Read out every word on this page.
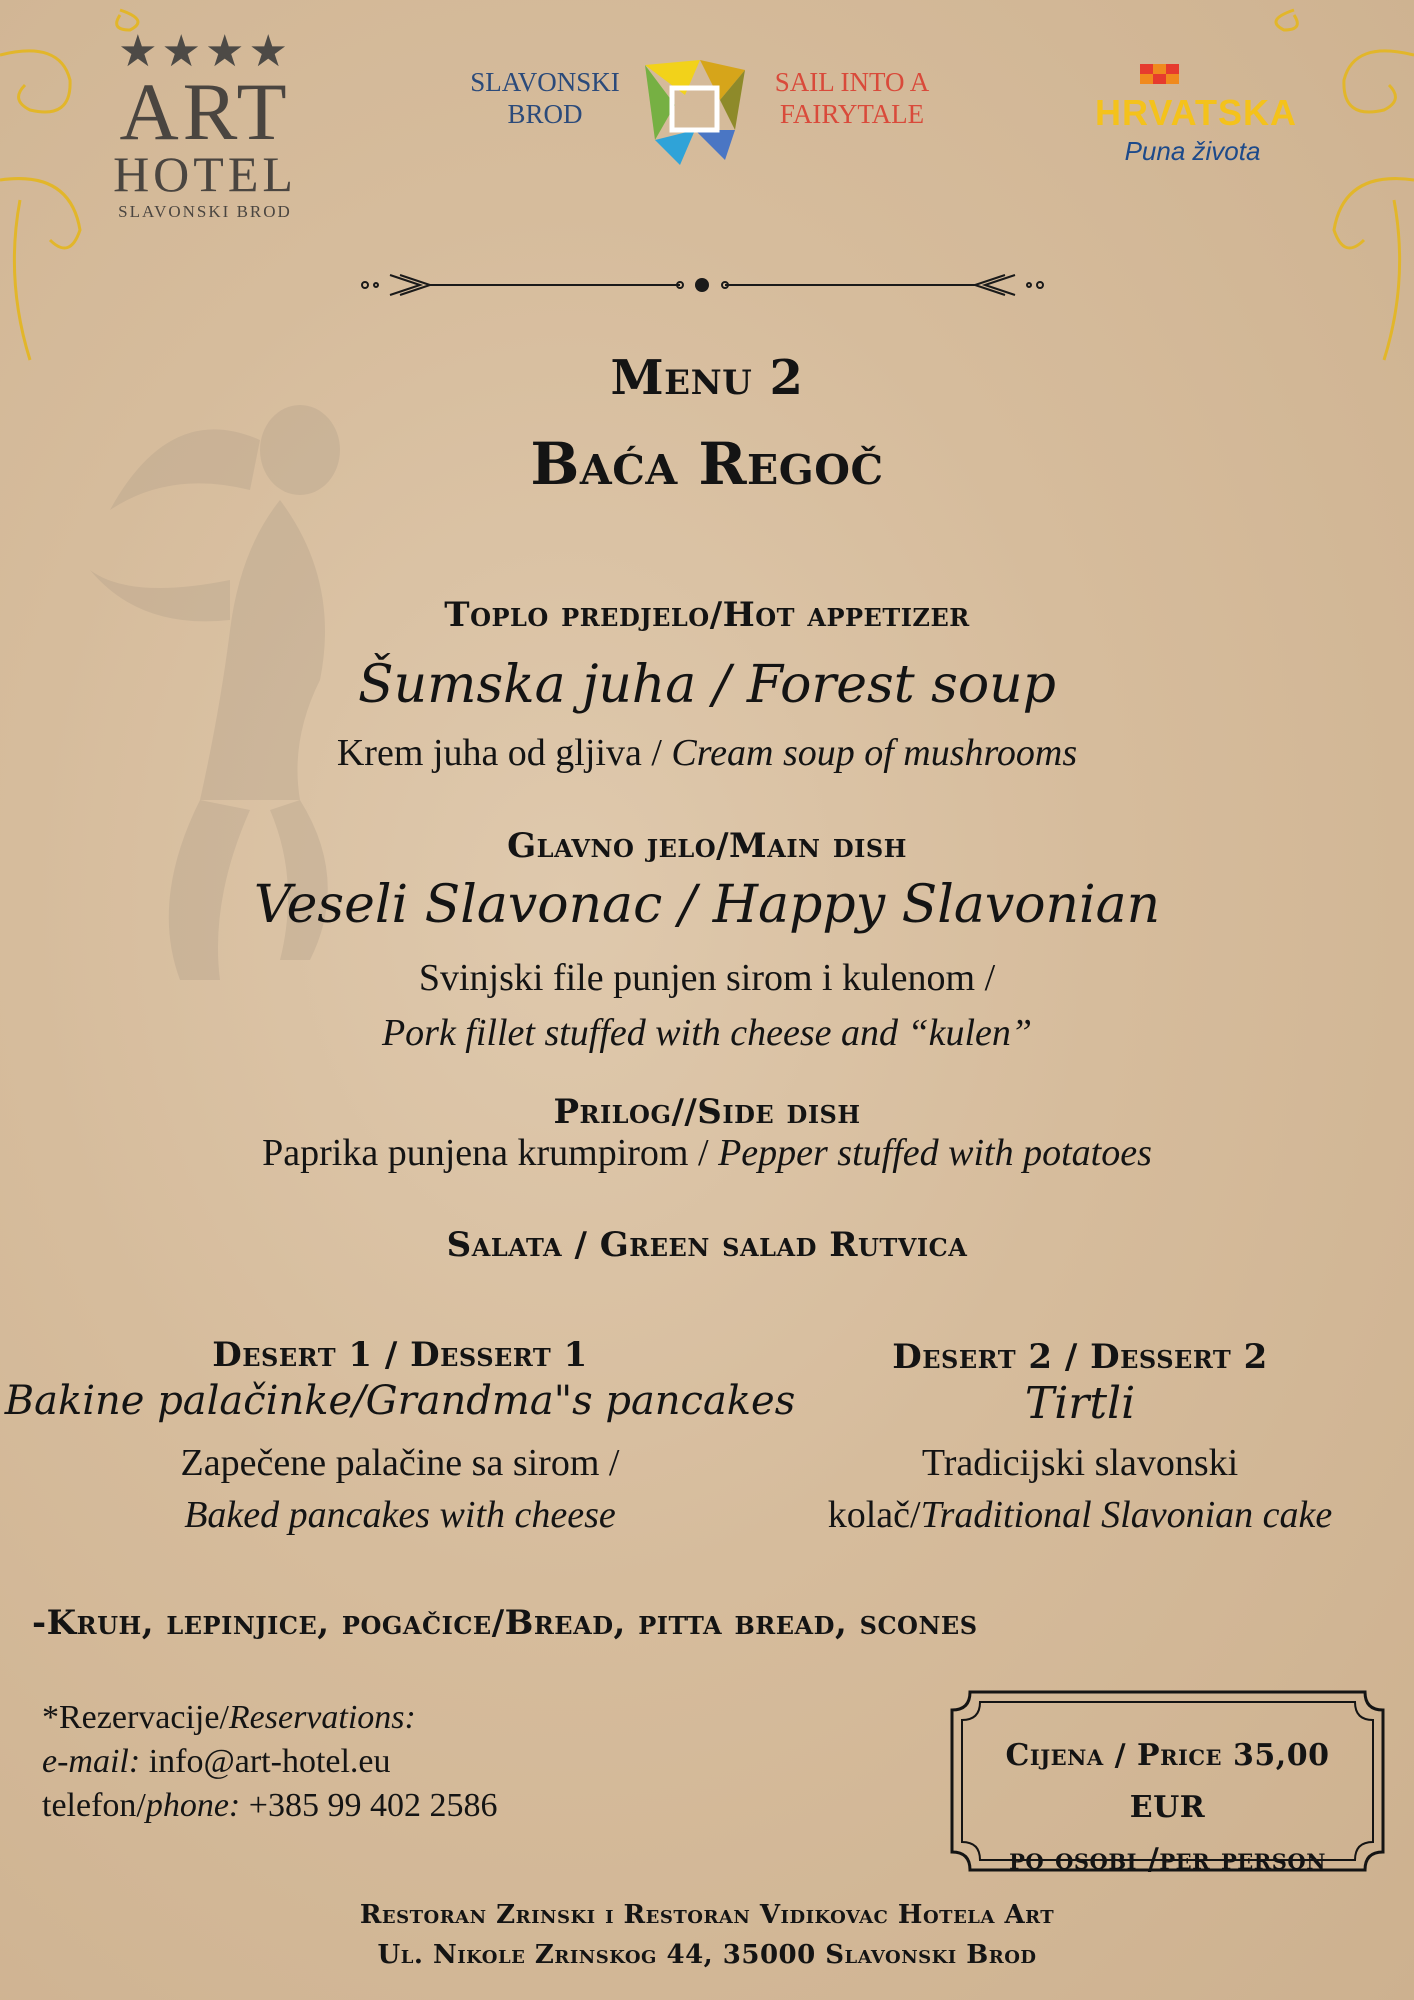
★★★★
ART
HOTEL
SLAVONSKI BROD
SLAVONSKI
BROD
SAIL INTO A
FAIRYTALE	HRVATSKA
Puna života
Menu 2
Baća Regoč
Toplo predjelo/Hot appetizer
Šumska juha / Forest soup
Krem juha od gljiva / Cream soup of mushrooms
Glavno jelo/Main dish
Veseli Slavonac / Happy Slavonian
Svinjski file punjen sirom i kulenom /
Pork fillet stuffed with cheese and “kulen”
Prilog//Side dish
Paprika punjena krumpirom / Pepper stuffed with potatoes
Salata / Green salad Rutvica
Desert 1 / Dessert 1
Bakine palačinke/Grandma"s pancakes
Zapečene palačine sa sirom /
Baked pancakes with cheese
Desert 2 / Dessert 2
Tirtli
Tradicijski slavonski
kolač/Traditional Slavonian cake
-Kruh, lepinjice, pogačice/Bread, pitta bread, scones
*Rezervacije/Reservations:
e-mail: info@art-hotel.eu
telefon/phone: +385 99 402 2586
Cijena / Price 35,00 EUR
po osobi /per person
Restoran Zrinski i Restoran Vidikovac Hotela Art
Ul. Nikole Zrinskog 44, 35000 Slavonski Brod
